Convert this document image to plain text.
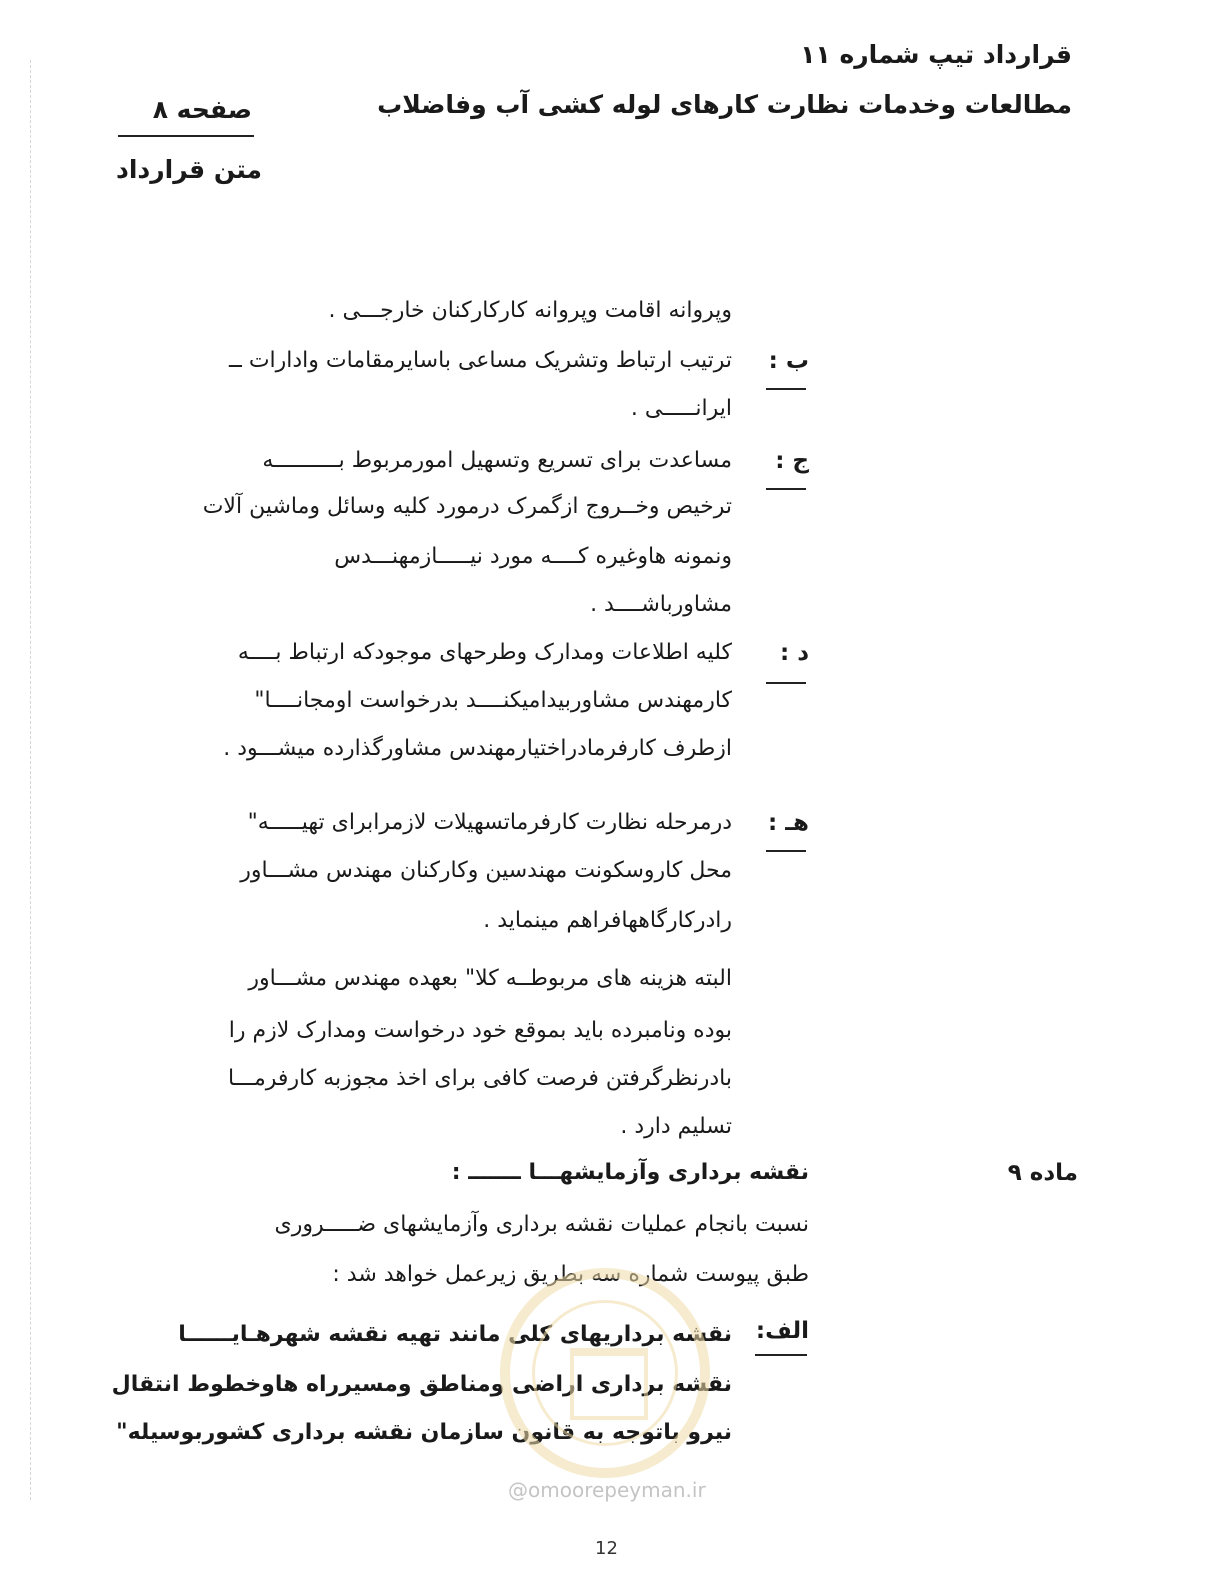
قرارداد تیپ شماره ۱۱
مطالعات وخدمات نظارت کارهای لوله کشی آب وفاضلاب
صفحه ۸
متن قرارداد
وپروانه اقامت وپروانه کارکارکنان خارجـــی .
ب :
ترتیب ارتباط وتشریک مساعی باسایرمقامات وادارات ــ
ایرانـــــی .
ج :
مساعدت برای تسریع وتسهیل امورمربوط بــــــــــه
ترخیص وخــروج ازگمرک درمورد کلیه وسائل وماشین آلات
ونمونه هاوغیره کــــه مورد نیـــــازمهنـــدس
مشاورباشــــد .
د :
کلیه اطلاعات ومدارک وطرحهای موجودکه ارتباط بــــه
کارمهندس مشاوربیدامیکنــــد بدرخواست اومجانــــا"
ازطرف کارفرمادراختیارمهندس مشاورگذارده میشـــود .
هـ :
درمرحله نظارت کارفرماتسهیلات لازمرابرای تهیـــــه"
محل کاروسکونت مهندسین وکارکنان مهندس مشـــاور
رادرکارگاههافراهم مینماید .
البته هزینه های مربوطــه کلا" بعهده مهندس مشـــاور
بوده ونامبرده باید بموقع خود درخواست ومدارک لازم را
بادرنظرگرفتن فرصت کافی برای اخذ مجوزبه کارفرمـــا
تسلیم دارد .
ماده ۹
نقشه برداری وآزمایشهـــا ـــــــ :
نسبت بانجام عملیات نقشه برداری وآزمایشهای ضـــــروری
طبق پیوست شماره سه بطریق زیرعمل خواهد شد :
الف:
نقشه برداریهای کلی مانند تهیه نقشه شهرهـایــــــا
نقشه برداری اراضی ومناطق ومسیرراه هاوخطوط انتقال
نیرو باتوجه به قانون سازمان نقشه برداری کشوربوسیله"
@omoorepeyman.ir
12
